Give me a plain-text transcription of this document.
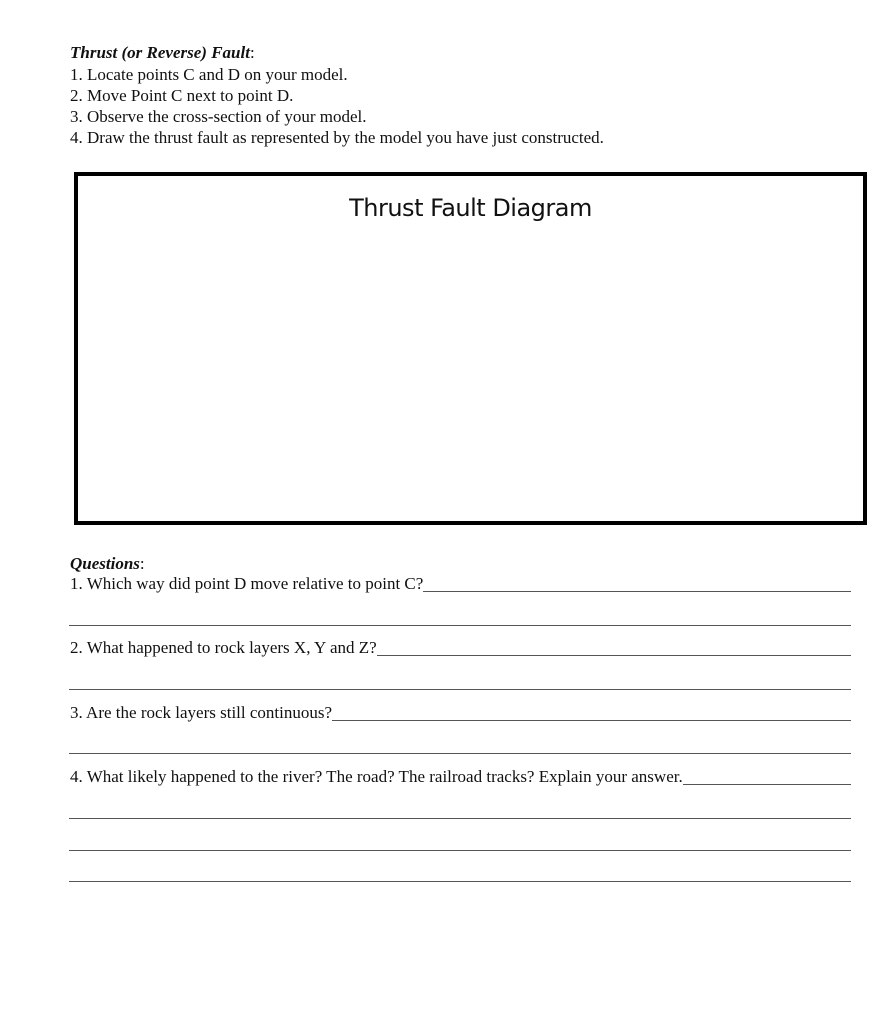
Thrust (or Reverse) Fault:
1. Locate points C and D on your model.
2. Move Point C next to point D.
3. Observe the cross-section of your model.
4. Draw the thrust fault as represented by the model you have just constructed.
Thrust Fault Diagram
Questions:
1. Which way did point D move relative to point C?
2. What happened to rock layers X, Y and Z?
3. Are the rock layers still continuous?
4. What likely happened to the river? The road? The railroad tracks? Explain your answer.
